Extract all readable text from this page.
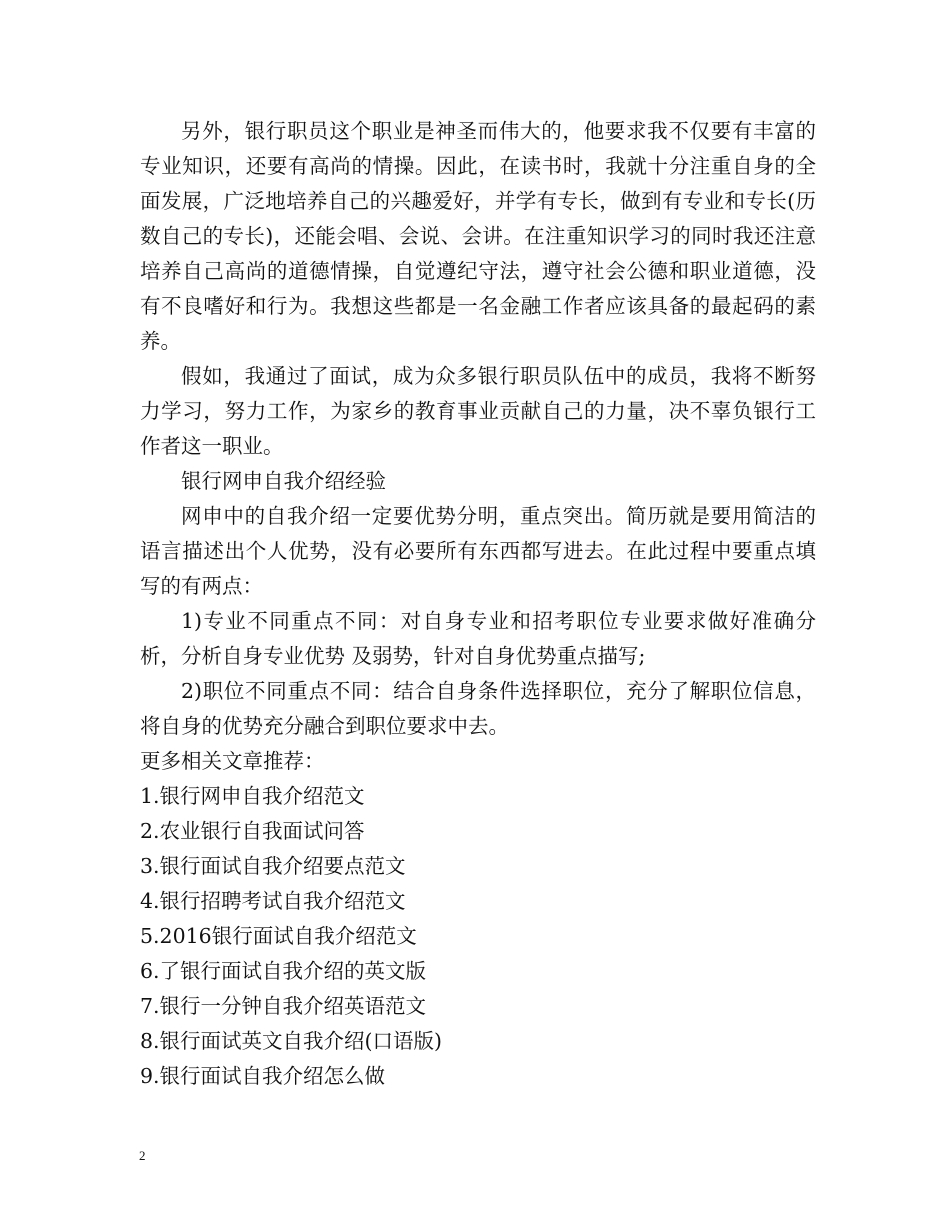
另外，银行职员这个职业是神圣而伟大的，他要求我不仅要有丰富的专业知识，还要有高尚的情操。因此，在读书时，我就十分注重自身的全面发展，广泛地培养自己的兴趣爱好，并学有专长，做到有专业和专长(历数自己的专长)，还能会唱、会说、会讲。在注重知识学习的同时我还注意培养自己高尚的道德情操，自觉遵纪守法，遵守社会公德和职业道德，没有不良嗜好和行为。我想这些都是一名金融工作者应该具备的最起码的素养。

假如，我通过了面试，成为众多银行职员队伍中的成员，我将不断努力学习，努力工作，为家乡的教育事业贡献自己的力量，决不辜负银行工作者这一职业。

银行网申自我介绍经验

网申中的自我介绍一定要优势分明，重点突出。简历就是要用简洁的语言描述出个人优势，没有必要所有东西都写进去。在此过程中要重点填写的有两点：

1)专业不同重点不同：对自身专业和招考职位专业要求做好准确分析，分析自身专业优势 及弱势，针对自身优势重点描写;

2)职位不同重点不同：结合自身条件选择职位，充分了解职位信息，将自身的优势充分融合到职位要求中去。

更多相关文章推荐：

1.银行网申自我介绍范文
2.农业银行自我面试问答
3.银行面试自我介绍要点范文
4.银行招聘考试自我介绍范文
5.2016银行面试自我介绍范文
6.了银行面试自我介绍的英文版
7.银行一分钟自我介绍英语范文
8.银行面试英文自我介绍(口语版)
9.银行面试自我介绍怎么做
2
